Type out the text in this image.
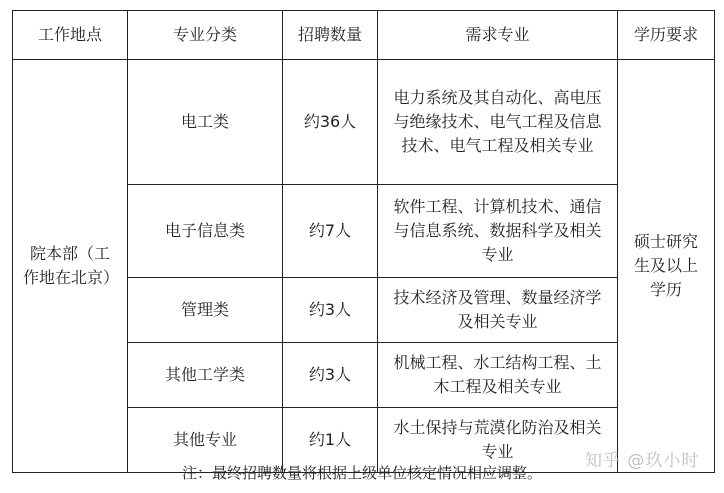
工作地点	专业分类	招聘数量	需求专业	学历要求
院本部（工作地在北京）	电工类	约36人	电力系统及其自动化、高电压与绝缘技术、电气工程及信息技术、电气工程及相关专业	硕士研究生及以上学历
	电子信息类	约7人	软件工程、计算机技术、通信与信息系统、数据科学及相关专业	
	管理类	约3人	技术经济及管理、数量经济学及相关专业	
	其他工学类	约3人	机械工程、水工结构工程、土木工程及相关专业	
	其他专业	约1人	水土保持与荒漠化防治及相关专业		知乎 @玖小时
注：最终招聘数量将根据上级单位核定情况相应调整。
